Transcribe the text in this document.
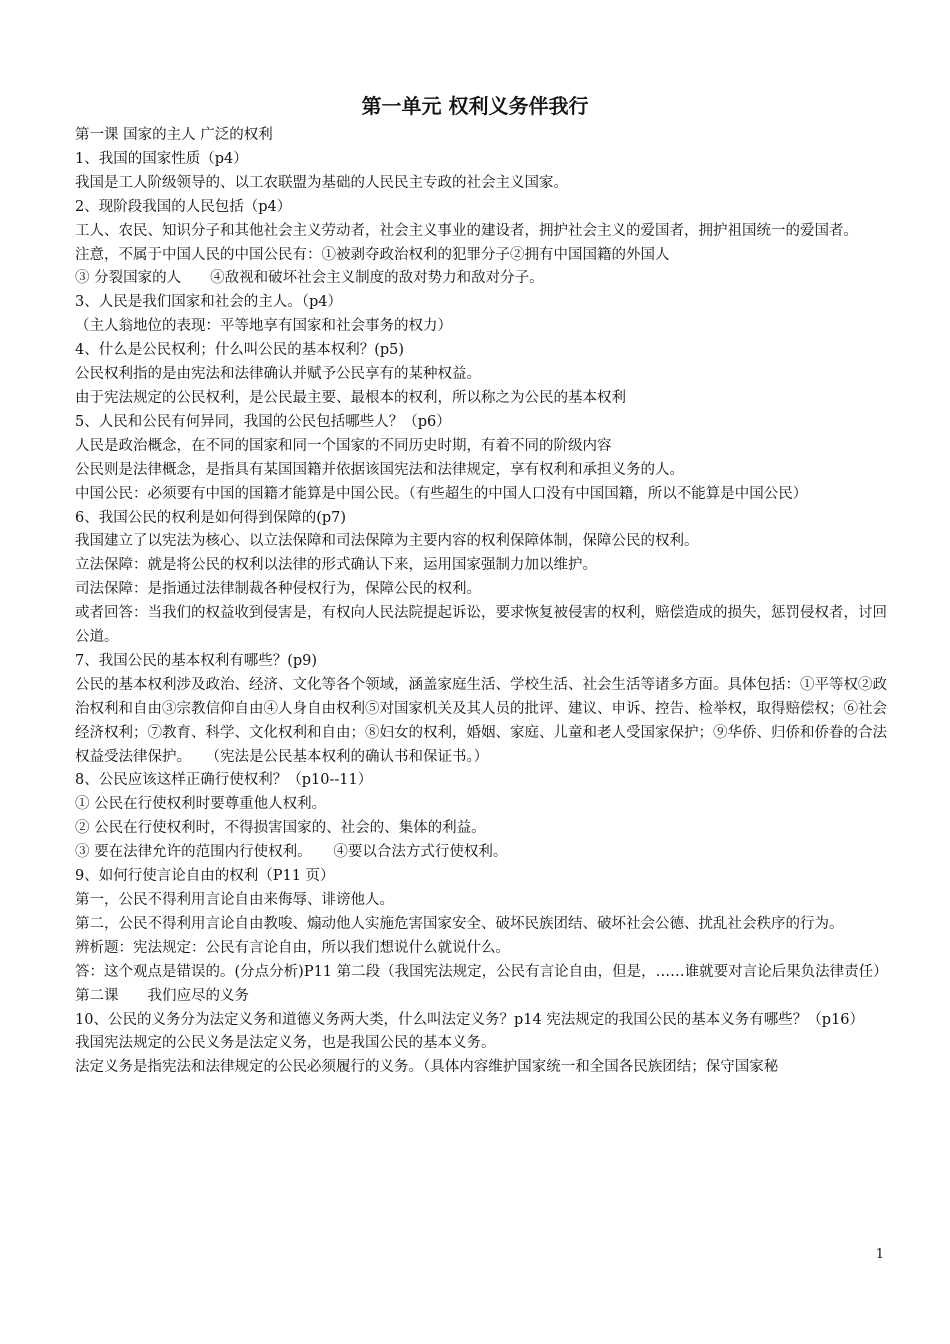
第一单元 权利义务伴我行
第一课 国家的主人 广泛的权利
1、我国的国家性质（p4）
我国是工人阶级领导的、以工农联盟为基础的人民民主专政的社会主义国家。
2、现阶段我国的人民包括（p4）
工人、农民、知识分子和其他社会主义劳动者，社会主义事业的建设者，拥护社会主义的爱国者，拥护祖国统一的爱国者。
注意，不属于中国人民的中国公民有：①被剥夺政治权利的犯罪分子②拥有中国国籍的外国人
③ 分裂国家的人　　④敌视和破坏社会主义制度的敌对势力和敌对分子。
3、人民是我们国家和社会的主人。（p4）
（主人翁地位的表现：平等地享有国家和社会事务的权力）
4、什么是公民权利；什么叫公民的基本权利？(p5)
公民权利指的是由宪法和法律确认并赋予公民享有的某种权益。
由于宪法规定的公民权利，是公民最主要、最根本的权利，所以称之为公民的基本权利
5、人民和公民有何异同，我国的公民包括哪些人？（p6）
人民是政治概念，在不同的国家和同一个国家的不同历史时期，有着不同的阶级内容
公民则是法律概念，是指具有某国国籍并依据该国宪法和法律规定，享有权利和承担义务的人。
中国公民：必须要有中国的国籍才能算是中国公民。（有些超生的中国人口没有中国国籍，所以不能算是中国公民）
6、我国公民的权利是如何得到保障的(p7)
我国建立了以宪法为核心、以立法保障和司法保障为主要内容的权利保障体制，保障公民的权利。
立法保障：就是将公民的权利以法律的形式确认下来，运用国家强制力加以维护。
司法保障：是指通过法律制裁各种侵权行为，保障公民的权利。
或者回答：当我们的权益收到侵害是，有权向人民法院提起诉讼，要求恢复被侵害的权利，赔偿造成的损失，惩罚侵权者，讨回公道。
7、我国公民的基本权利有哪些？(p9)
公民的基本权利涉及政治、经济、文化等各个领域，涵盖家庭生活、学校生活、社会生活等诸多方面。具体包括：①平等权②政治权利和自由③宗教信仰自由④人身自由权利⑤对国家机关及其人员的批评、建议、申诉、控告、检举权，取得赔偿权；⑥社会经济权利；⑦教育、科学、文化权利和自由；⑧妇女的权利，婚姻、家庭、儿童和老人受国家保护；⑨华侨、归侨和侨眷的合法权益受法律保护。　　（宪法是公民基本权利的确认书和保证书。）
8、公民应该这样正确行使权利？（p10--11）
① 公民在行使权利时要尊重他人权利。
② 公民在行使权利时，不得损害国家的、社会的、集体的利益。
③ 要在法律允许的范围内行使权利。　　④要以合法方式行使权利。
9、如何行使言论自由的权利（P11 页）
第一，公民不得利用言论自由来侮辱、诽谤他人。
第二，公民不得利用言论自由教唆、煽动他人实施危害国家安全、破坏民族团结、破坏社会公德、扰乱社会秩序的行为。
辨析题：宪法规定：公民有言论自由，所以我们想说什么就说什么。
答：这个观点是错误的。(分点分析)P11 第二段（我国宪法规定，公民有言论自由，但是，……谁就要对言论后果负法律责任）
第二课　　我们应尽的义务
10、公民的义务分为法定义务和道德义务两大类，什么叫法定义务？p14 宪法规定的我国公民的基本义务有哪些？（p16）
我国宪法规定的公民义务是法定义务，也是我国公民的基本义务。
法定义务是指宪法和法律规定的公民必须履行的义务。（具体内容维护国家统一和全国各民族团结；保守国家秘
1
